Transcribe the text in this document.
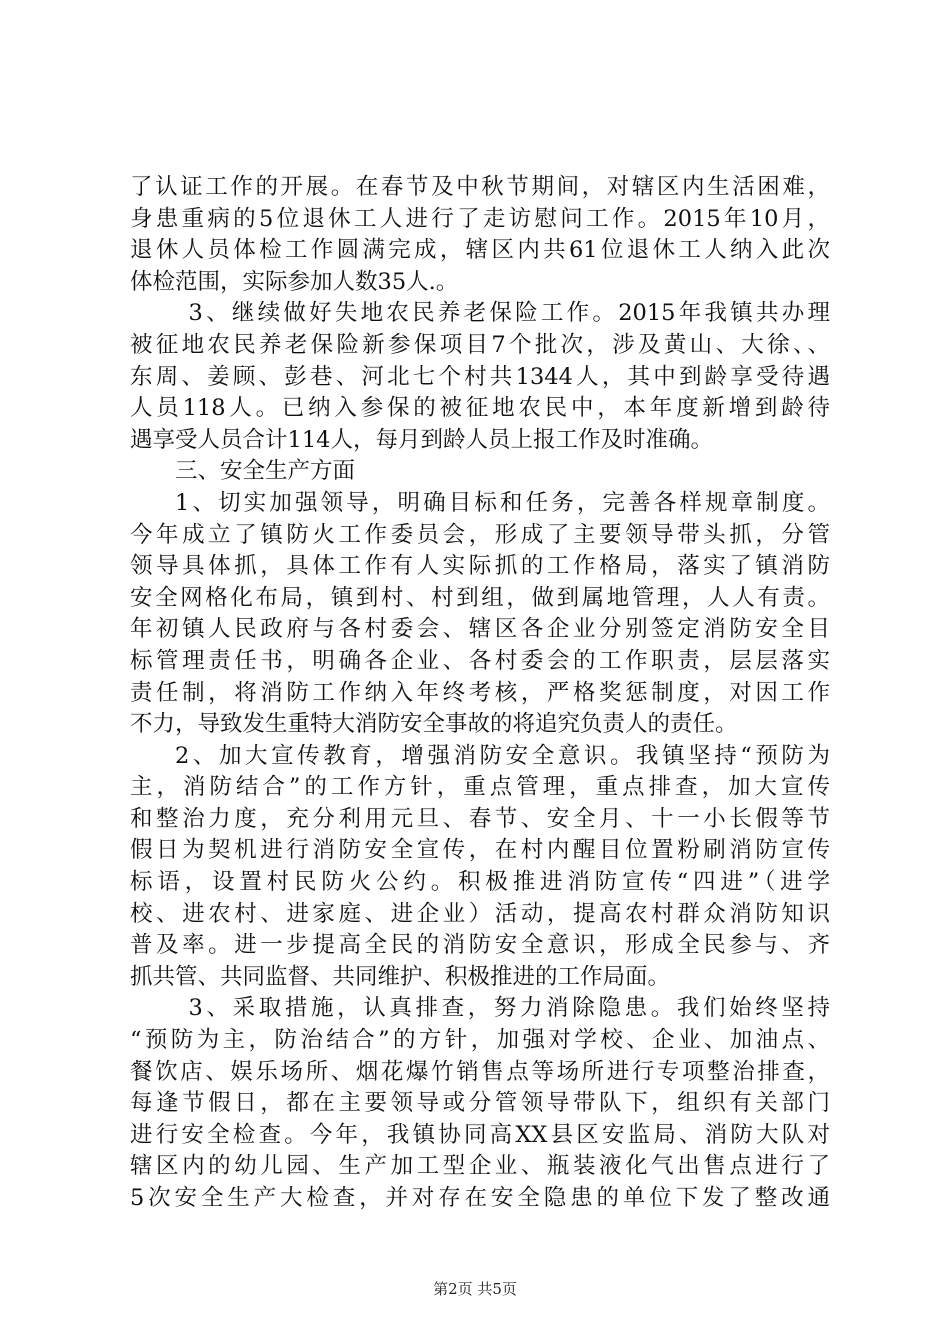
了认证工作的开展。在春节及中秋节期间，对辖区内生活困难，
身患重病的5位退休工人进行了走访慰问工作。2015年10月，
退休人员体检工作圆满完成，辖区内共61位退休工人纳入此次
体检范围，实际参加人数35人.。
3、继续做好失地农民养老保险工作。2015年我镇共办理
被征地农民养老保险新参保项目7个批次，涉及黄山、大徐、、
东周、姜顾、彭巷、河北七个村共1344人，其中到龄享受待遇
人员118人。已纳入参保的被征地农民中，本年度新增到龄待
遇享受人员合计114人，每月到龄人员上报工作及时准确。
三、安全生产方面
1、切实加强领导，明确目标和任务，完善各样规章制度。
今年成立了镇防火工作委员会，形成了主要领导带头抓，分管
领导具体抓，具体工作有人实际抓的工作格局，落实了镇消防
安全网格化布局，镇到村、村到组，做到属地管理，人人有责。
年初镇人民政府与各村委会、辖区各企业分别签定消防安全目
标管理责任书，明确各企业、各村委会的工作职责，层层落实
责任制，将消防工作纳入年终考核，严格奖惩制度，对因工作
不力，导致发生重特大消防安全事故的将追究负责人的责任。
2、加大宣传教育，增强消防安全意识。我镇坚持“预防为
主，消防结合”的工作方针，重点管理，重点排查，加大宣传
和整治力度，充分利用元旦、春节、安全月、十一小长假等节
假日为契机进行消防安全宣传，在村内醒目位置粉刷消防宣传
标语，设置村民防火公约。积极推进消防宣传“四进”（进学
校、进农村、进家庭、进企业）活动，提高农村群众消防知识
普及率。进一步提高全民的消防安全意识，形成全民参与、齐
抓共管、共同监督、共同维护、积极推进的工作局面。
3、采取措施，认真排查，努力消除隐患。我们始终坚持
“预防为主，防治结合”的方针，加强对学校、企业、加油点、
餐饮店、娱乐场所、烟花爆竹销售点等场所进行专项整治排查，
每逢节假日，都在主要领导或分管领导带队下，组织有关部门
进行安全检查。今年，我镇协同高XX县区安监局、消防大队对
辖区内的幼儿园、生产加工型企业、瓶装液化气出售点进行了
5次安全生产大检查，并对存在安全隐患的单位下发了整改通
第2页 共5页
